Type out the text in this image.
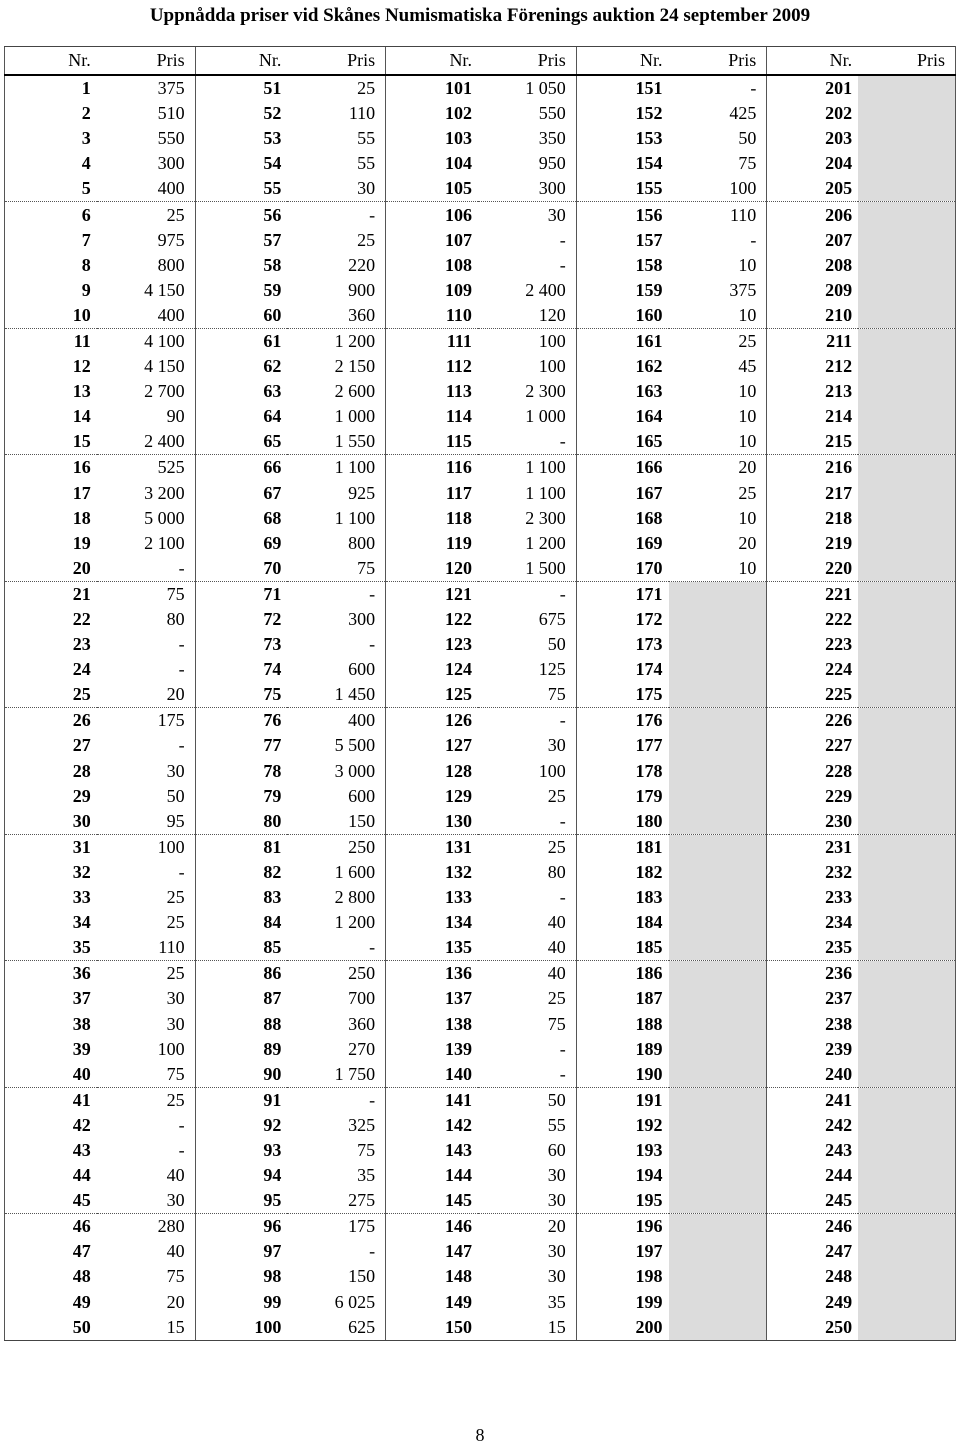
Uppnådda priser vid Skånes Numismatiska Förenings auktion 24 september 2009
Nr.	Pris	Nr.	Pris	Nr.	Pris	Nr.	Pris	Nr.	Pris
1	375	51	25	101	1 050	151	-	201	
2	510	52	110	102	550	152	425	202	
3	550	53	55	103	350	153	50	203	
4	300	54	55	104	950	154	75	204	
5	400	55	30	105	300	155	100	205	
6	25	56	-	106	30	156	110	206	
7	975	57	25	107	-	157	-	207	
8	800	58	220	108	-	158	10	208	
9	4 150	59	900	109	2 400	159	375	209	
10	400	60	360	110	120	160	10	210	
11	4 100	61	1 200	111	100	161	25	211	
12	4 150	62	2 150	112	100	162	45	212	
13	2 700	63	2 600	113	2 300	163	10	213	
14	90	64	1 000	114	1 000	164	10	214	
15	2 400	65	1 550	115	-	165	10	215	
16	525	66	1 100	116	1 100	166	20	216	
17	3 200	67	925	117	1 100	167	25	217	
18	5 000	68	1 100	118	2 300	168	10	218	
19	2 100	69	800	119	1 200	169	20	219	
20	-	70	75	120	1 500	170	10	220	
21	75	71	-	121	-	171		221	
22	80	72	300	122	675	172		222	
23	-	73	-	123	50	173		223	
24	-	74	600	124	125	174		224	
25	20	75	1 450	125	75	175		225	
26	175	76	400	126	-	176		226	
27	-	77	5 500	127	30	177		227	
28	30	78	3 000	128	100	178		228	
29	50	79	600	129	25	179		229	
30	95	80	150	130	-	180		230	
31	100	81	250	131	25	181		231	
32	-	82	1 600	132	80	182		232	
33	25	83	2 800	133	-	183		233	
34	25	84	1 200	134	40	184		234	
35	110	85	-	135	40	185		235	
36	25	86	250	136	40	186		236	
37	30	87	700	137	25	187		237	
38	30	88	360	138	75	188		238	
39	100	89	270	139	-	189		239	
40	75	90	1 750	140	-	190		240	
41	25	91	-	141	50	191		241	
42	-	92	325	142	55	192		242	
43	-	93	75	143	60	193		243	
44	40	94	35	144	30	194		244	
45	30	95	275	145	30	195		245	
46	280	96	175	146	20	196		246	
47	40	97	-	147	30	197		247	
48	75	98	150	148	30	198		248	
49	20	99	6 025	149	35	199		249	
50	15	100	625	150	15	200		250	
8
